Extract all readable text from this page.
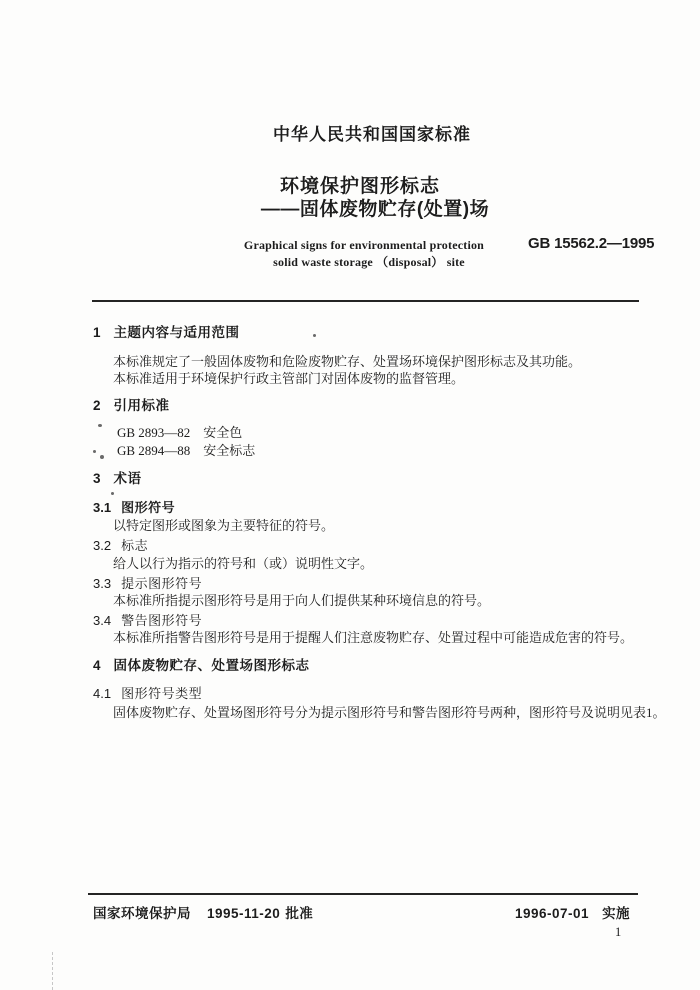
中华人民共和国国家标准
环境保护图形标志
——固体废物贮存(处置)场
Graphical signs for environmental protection
solid waste storage （disposal） site
GB 15562.2—1995
1 主题内容与适用范围
本标准规定了一般固体废物和危险废物贮存、处置场环境保护图形标志及其功能。
本标准适用于环境保护行政主管部门对固体废物的监督管理。
2 引用标准
GB 2893—82　安全色
GB 2894—88　安全标志
3 术语
3.1 图形符号
以特定图形或图象为主要特征的符号。
3.2 标志
给人以行为指示的符号和（或）说明性文字。
3.3 提示图形符号
本标准所指提示图形符号是用于向人们提供某种环境信息的符号。
3.4 警告图形符号
本标准所指警告图形符号是用于提醒人们注意废物贮存、处置过程中可能造成危害的符号。
4 固体废物贮存、处置场图形标志
4.1 图形符号类型
固体废物贮存、处置场图形符号分为提示图形符号和警告图形符号两种，图形符号及说明见表1。
国家环境保护局 1995-11-20 批准	1996-07-01 实施
1
